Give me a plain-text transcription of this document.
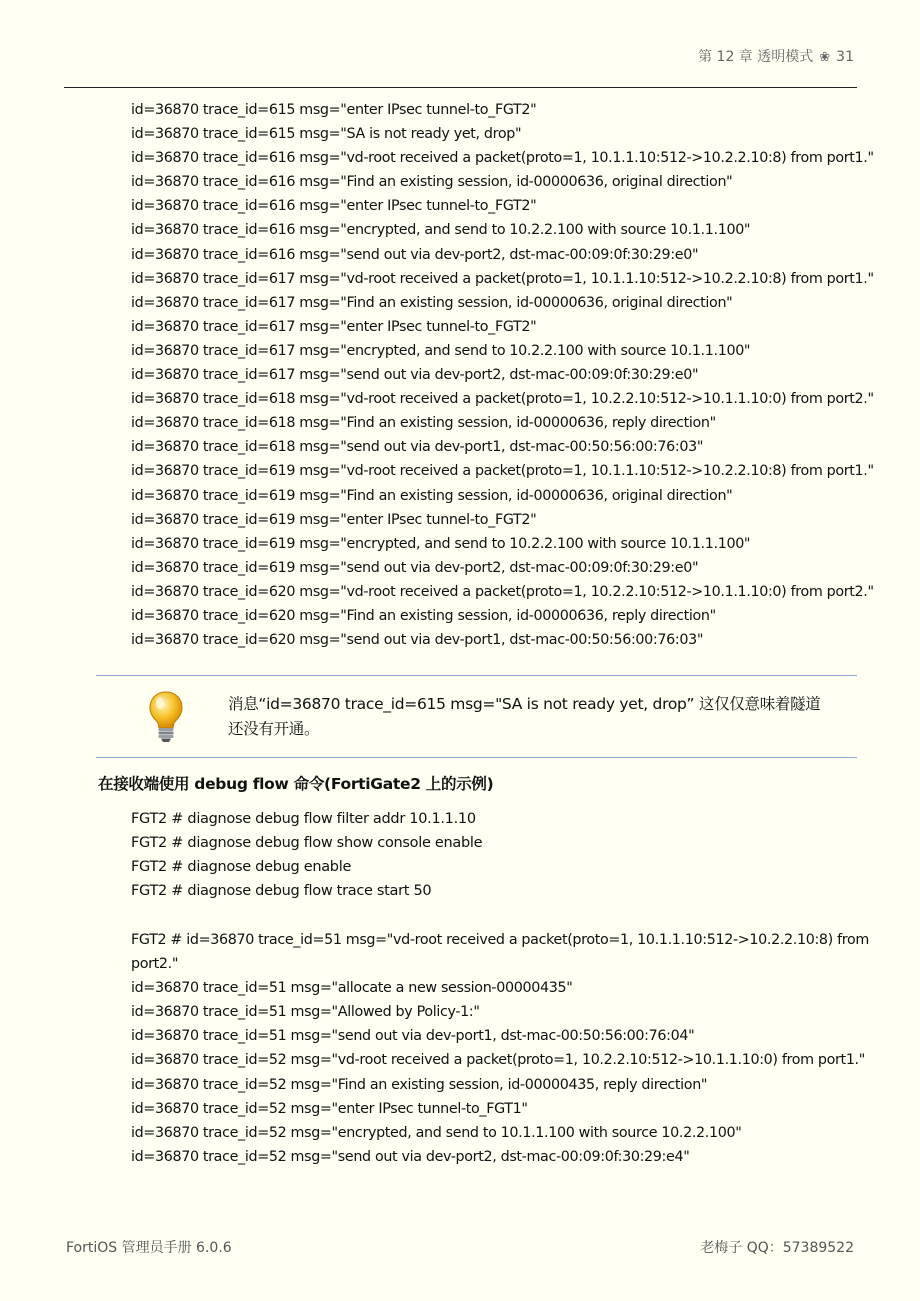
第 12 章 透明模式 ❀ 31
id=36870 trace_id=615 msg="enter IPsec tunnel-to_FGT2"
id=36870 trace_id=615 msg="SA is not ready yet, drop"
id=36870 trace_id=616 msg="vd-root received a packet(proto=1, 10.1.1.10:512->10.2.2.10:8) from port1."
id=36870 trace_id=616 msg="Find an existing session, id-00000636, original direction"
id=36870 trace_id=616 msg="enter IPsec tunnel-to_FGT2"
id=36870 trace_id=616 msg="encrypted, and send to 10.2.2.100 with source 10.1.1.100"
id=36870 trace_id=616 msg="send out via dev-port2, dst-mac-00:09:0f:30:29:e0"
id=36870 trace_id=617 msg="vd-root received a packet(proto=1, 10.1.1.10:512->10.2.2.10:8) from port1."
id=36870 trace_id=617 msg="Find an existing session, id-00000636, original direction"
id=36870 trace_id=617 msg="enter IPsec tunnel-to_FGT2"
id=36870 trace_id=617 msg="encrypted, and send to 10.2.2.100 with source 10.1.1.100"
id=36870 trace_id=617 msg="send out via dev-port2, dst-mac-00:09:0f:30:29:e0"
id=36870 trace_id=618 msg="vd-root received a packet(proto=1, 10.2.2.10:512->10.1.1.10:0) from port2."
id=36870 trace_id=618 msg="Find an existing session, id-00000636, reply direction"
id=36870 trace_id=618 msg="send out via dev-port1, dst-mac-00:50:56:00:76:03"
id=36870 trace_id=619 msg="vd-root received a packet(proto=1, 10.1.1.10:512->10.2.2.10:8) from port1."
id=36870 trace_id=619 msg="Find an existing session, id-00000636, original direction"
id=36870 trace_id=619 msg="enter IPsec tunnel-to_FGT2"
id=36870 trace_id=619 msg="encrypted, and send to 10.2.2.100 with source 10.1.1.100"
id=36870 trace_id=619 msg="send out via dev-port2, dst-mac-00:09:0f:30:29:e0"
id=36870 trace_id=620 msg="vd-root received a packet(proto=1, 10.2.2.10:512->10.1.1.10:0) from port2."
id=36870 trace_id=620 msg="Find an existing session, id-00000636, reply direction"
id=36870 trace_id=620 msg="send out via dev-port1, dst-mac-00:50:56:00:76:03"
消息“id=36870 trace_id=615 msg="SA is not ready yet, drop” 这仅仅意味着隧道
还没有开通。
在接收端使用 debug flow 命令(FortiGate2 上的示例)
FGT2 # diagnose debug flow filter addr 10.1.1.10
FGT2 # diagnose debug flow show console enable
FGT2 # diagnose debug enable
FGT2 # diagnose debug flow trace start 50
FGT2 # id=36870 trace_id=51 msg="vd-root received a packet(proto=1, 10.1.1.10:512->10.2.2.10:8) from
port2."
id=36870 trace_id=51 msg="allocate a new session-00000435"
id=36870 trace_id=51 msg="Allowed by Policy-1:"
id=36870 trace_id=51 msg="send out via dev-port1, dst-mac-00:50:56:00:76:04"
id=36870 trace_id=52 msg="vd-root received a packet(proto=1, 10.2.2.10:512->10.1.1.10:0) from port1."
id=36870 trace_id=52 msg="Find an existing session, id-00000435, reply direction"
id=36870 trace_id=52 msg="enter IPsec tunnel-to_FGT1"
id=36870 trace_id=52 msg="encrypted, and send to 10.1.1.100 with source 10.2.2.100"
id=36870 trace_id=52 msg="send out via dev-port2, dst-mac-00:09:0f:30:29:e4"
FortiOS 管理员手册 6.0.6	老梅子 QQ：57389522
